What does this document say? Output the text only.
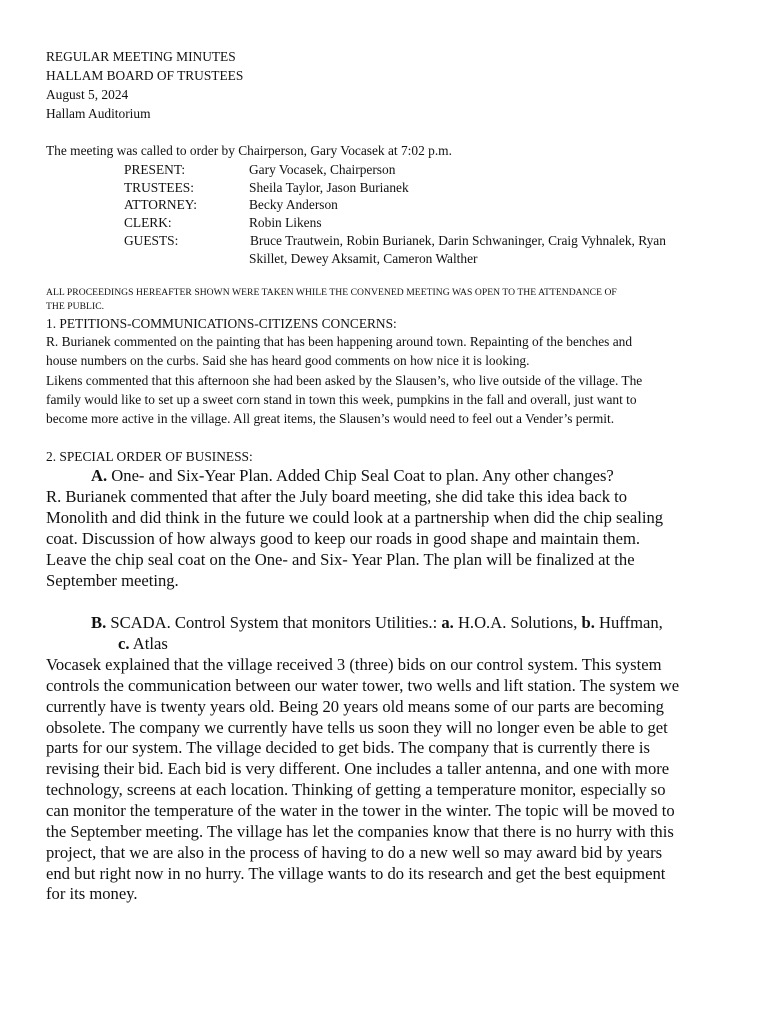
REGULAR MEETING MINUTES
HALLAM BOARD OF TRUSTEES
August 5, 2024
Hallam Auditorium
The meeting was called to order by Chairperson, Gary Vocasek at 7:02 p.m.
PRESENT:	Gary Vocasek, Chairperson
TRUSTEES:	Sheila Taylor, Jason Burianek
ATTORNEY:	Becky Anderson
CLERK:	Robin Likens
GUESTS:	Bruce Trautwein, Robin Burianek, Darin Schwaninger, Craig Vyhnalek, Ryan
Skillet, Dewey Aksamit, Cameron Walther
ALL PROCEEDINGS HEREAFTER SHOWN WERE TAKEN WHILE THE CONVENED MEETING WAS OPEN TO THE ATTENDANCE OF
THE PUBLIC.
1. PETITIONS-COMMUNICATIONS-CITIZENS CONCERNS:
R. Burianek commented on the painting that has been happening around town. Repainting of the benches and
house numbers on the curbs. Said she has heard good comments on how nice it is looking.
Likens commented that this afternoon she had been asked by the Slausen’s, who live outside of the village. The
family would like to set up a sweet corn stand in town this week, pumpkins in the fall and overall, just want to
become more active in the village. All great items, the Slausen’s would need to feel out a Vender’s permit.
2. SPECIAL ORDER OF BUSINESS:
A. One- and Six-Year Plan. Added Chip Seal Coat to plan. Any other changes?
R. Burianek commented that after the July board meeting, she did take this idea back to
Monolith and did think in the future we could look at a partnership when did the chip sealing
coat. Discussion of how always good to keep our roads in good shape and maintain them.
Leave the chip seal coat on the One- and Six- Year Plan. The plan will be finalized at the
September meeting.
B. SCADA. Control System that monitors Utilities.: a. H.O.A. Solutions, b. Huffman,
c. Atlas
Vocasek explained that the village received 3 (three) bids on our control system. This system
controls the communication between our water tower, two wells and lift station. The system we
currently have is twenty years old. Being 20 years old means some of our parts are becoming
obsolete. The company we currently have tells us soon they will no longer even be able to get
parts for our system. The village decided to get bids. The company that is currently there is
revising their bid. Each bid is very different. One includes a taller antenna, and one with more
technology, screens at each location. Thinking of getting a temperature monitor, especially so
can monitor the temperature of the water in the tower in the winter. The topic will be moved to
the September meeting. The village has let the companies know that there is no hurry with this
project, that we are also in the process of having to do a new well so may award bid by years
end but right now in no hurry. The village wants to do its research and get the best equipment
for its money.
